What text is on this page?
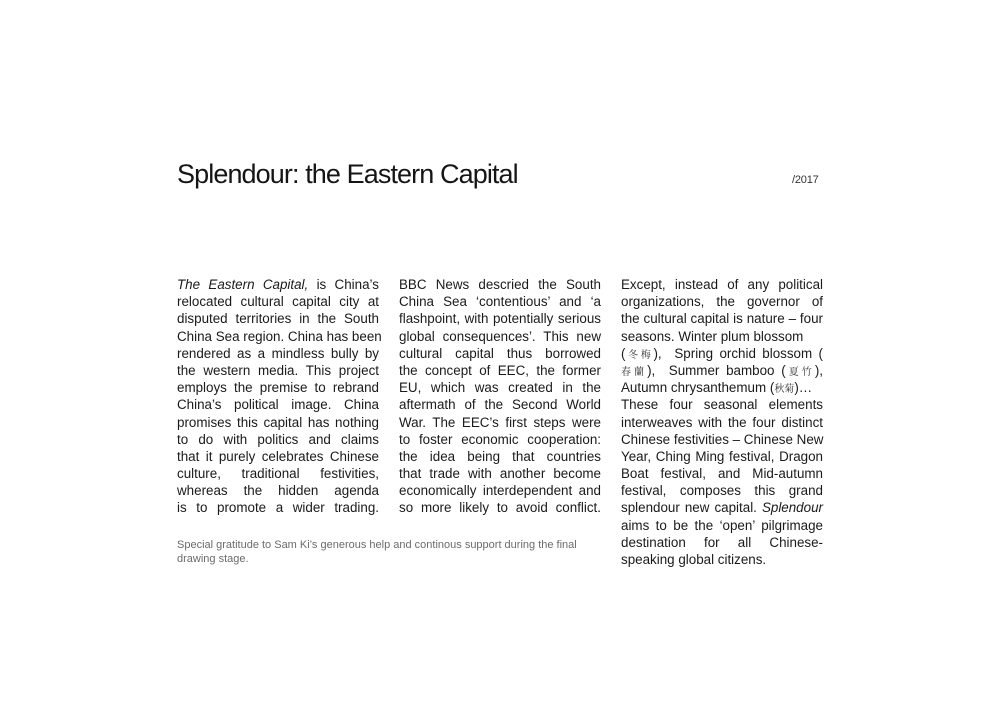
Splendour: the Eastern Capital	/2017
The Eastern Capital, is China’s
relocated cultural capital city at
disputed territories in the South
China Sea region. China has been
rendered as a mindless bully by
the western media. This project
employs the premise to rebrand
China’s political image. China
promises this capital has nothing
to do with politics and claims
that it purely celebrates Chinese
culture, traditional festivities,
whereas the hidden agenda
is to promote a wider trading.
BBC News descried the South
China Sea ‘contentious’ and ‘a
flashpoint, with potentially serious
global consequences’. This new
cultural capital thus borrowed
the concept of EEC, the former
EU, which was created in the
aftermath of the Second World
War. The EEC’s first steps were
to foster economic cooperation:
the idea being that countries
that trade with another become
economically interdependent and
so more likely to avoid conflict.
Except, instead of any political
organizations, the governor of
the cultural capital is nature – four
seasons. Winter plum blossom
(冬梅),  Spring orchid blossom (
春蘭),  Summer bamboo (夏竹),
Autumn chrysanthemum (秋菊)…
These four seasonal elements
interweaves with the four distinct
Chinese festivities – Chinese New
Year, Ching Ming festival, Dragon
Boat festival, and Mid-autumn
festival, composes this grand
splendour new capital. Splendour
aims to be the ‘open’ pilgrimage
destination for all Chinese-
speaking global citizens.
Special gratitude to Sam Ki’s generous help and continous support during the final
drawing stage.
